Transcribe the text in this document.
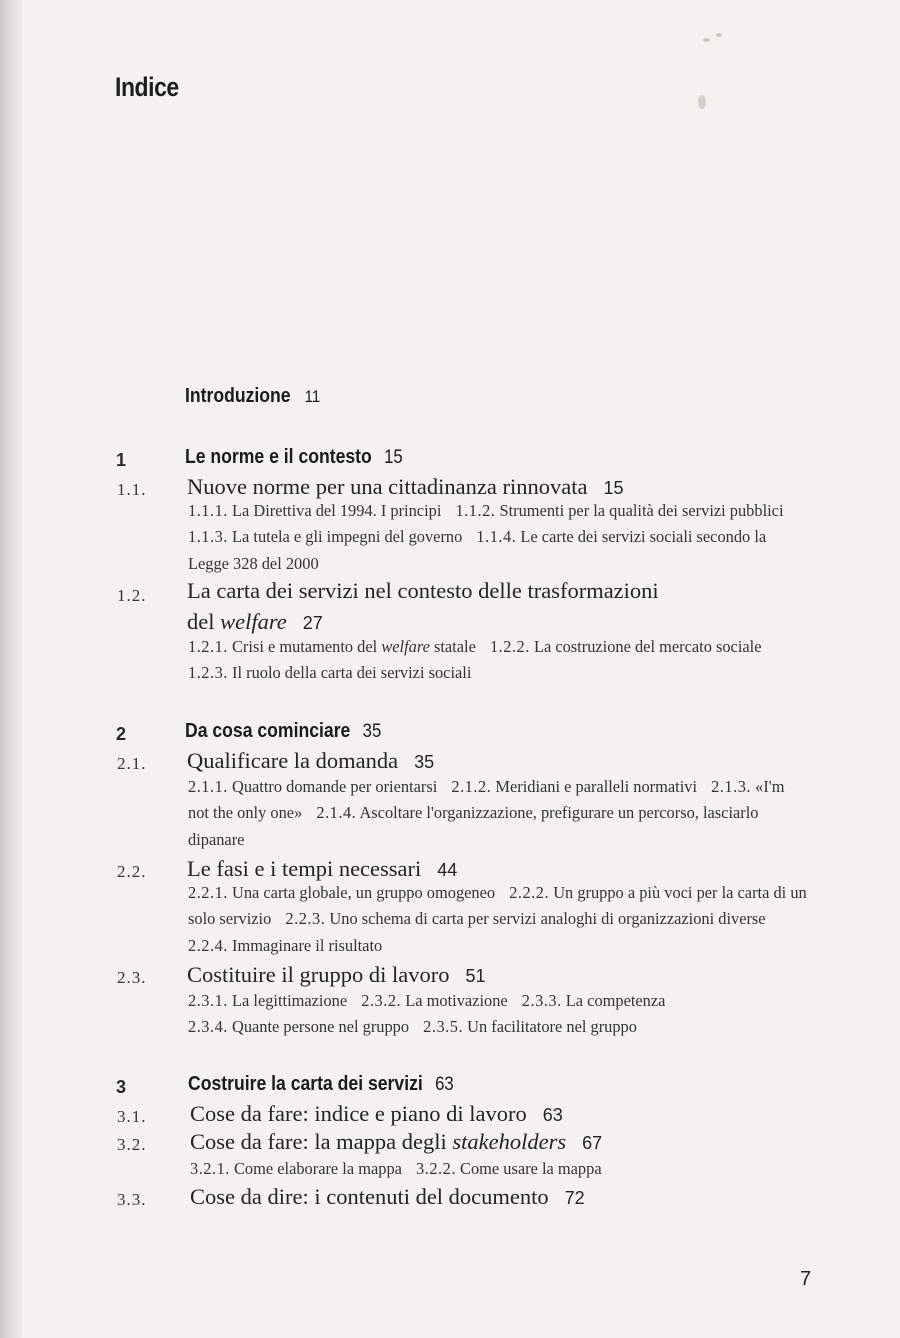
Indice
Introduzione 11
1	Le norme e il contesto 15
1.1. Nuove norme per una cittadinanza rinnovata 15
1.1.1. La Direttiva del 1994. I principi 1.1.2. Strumenti per la qualità dei servizi pubblici 1.1.3. La tutela e gli impegni del governo 1.1.4. Le carte dei servizi sociali secondo la Legge 328 del 2000
1.2. La carta dei servizi nel contesto delle trasformazioni
del welfare 27
1.2.1. Crisi e mutamento del welfare statale 1.2.2. La costruzione del mercato sociale 1.2.3. Il ruolo della carta dei servizi sociali
2	Da cosa cominciare 35
2.1. Qualificare la domanda 35
2.1.1. Quattro domande per orientarsi 2.1.2. Meridiani e paralleli normativi 2.1.3. «I'm not the only one» 2.1.4. Ascoltare l'organizzazione, prefigurare un percorso, lasciarlo dipanare
2.2. Le fasi e i tempi necessari 44
2.2.1. Una carta globale, un gruppo omogeneo 2.2.2. Un gruppo a più voci per la carta di un solo servizio 2.2.3. Uno schema di carta per servizi analoghi di organizzazioni diverse 2.2.4. Immaginare il risultato
2.3. Costituire il gruppo di lavoro 51
2.3.1. La legittimazione 2.3.2. La motivazione 2.3.3. La competenza
2.3.4. Quante persone nel gruppo 2.3.5. Un facilitatore nel gruppo
3	Costruire la carta dei servizi 63
3.1. Cose da fare: indice e piano di lavoro 63
3.2. Cose da fare: la mappa degli stakeholders 67
3.2.1. Come elaborare la mappa 3.2.2. Come usare la mappa
3.3. Cose da dire: i contenuti del documento 72
7
